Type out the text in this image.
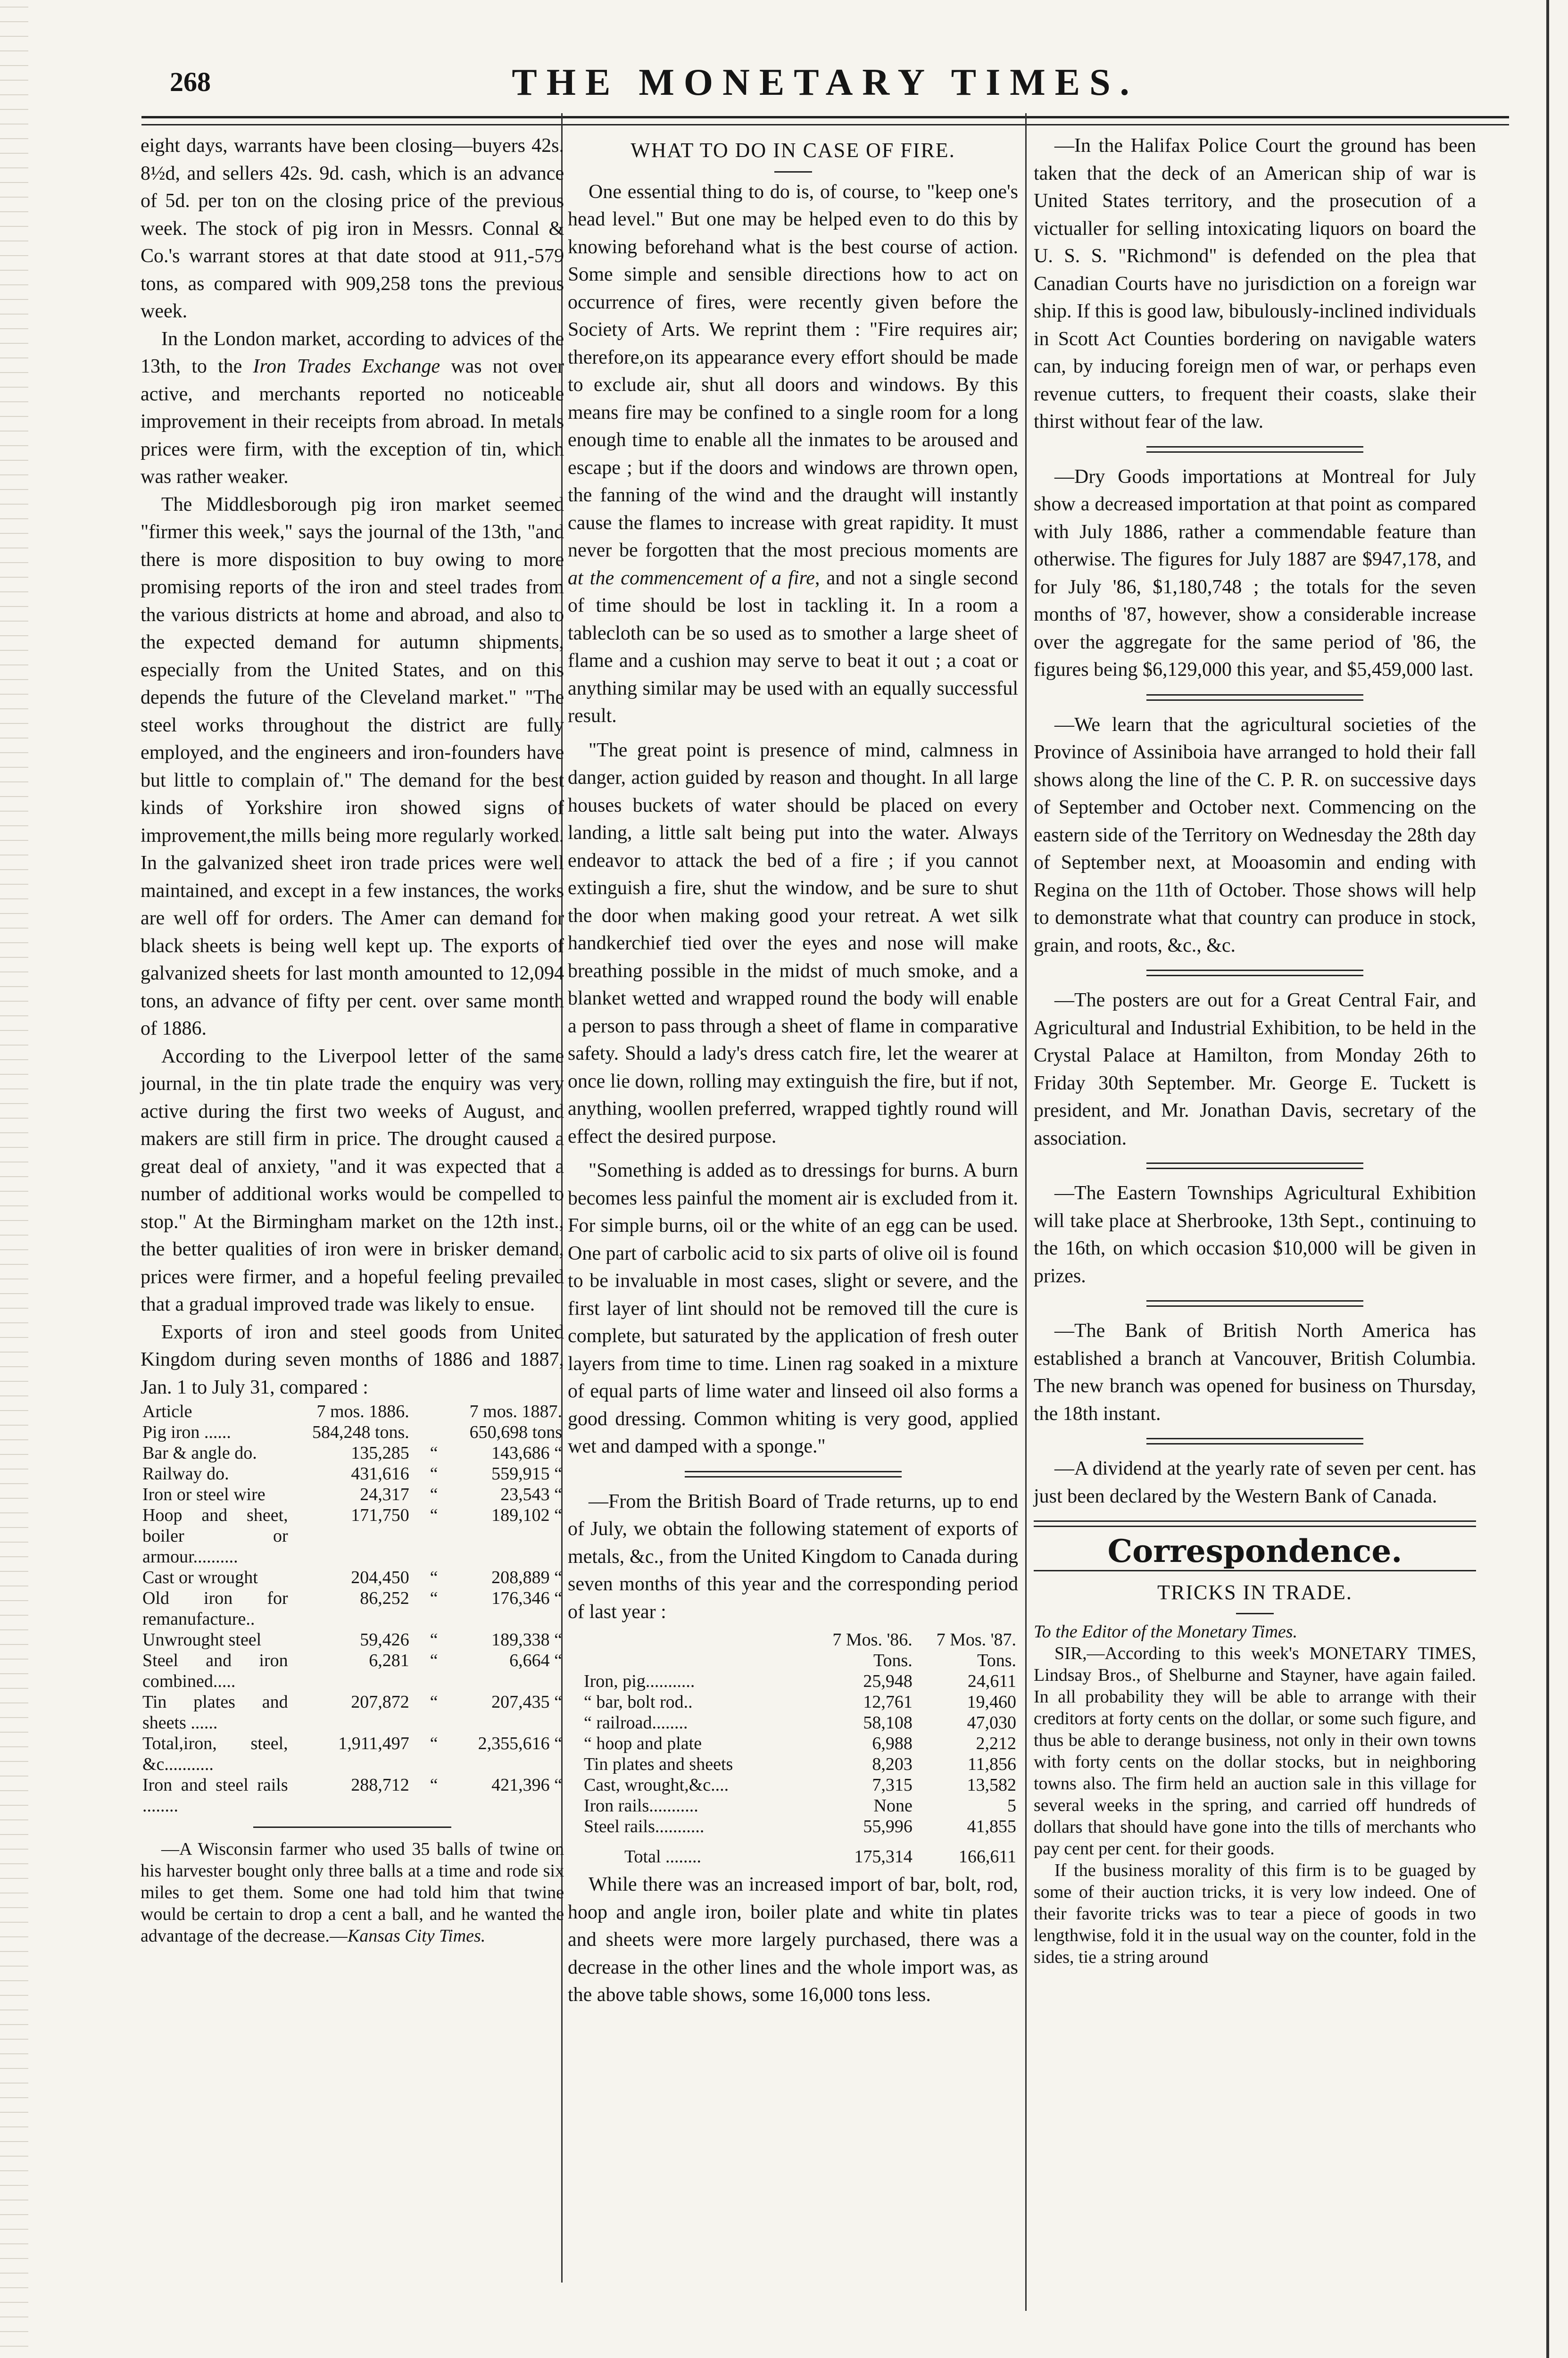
268	THE MONETARY TIMES.

eight days, warrants have been closing—buyers 42s. 8½d, and sellers 42s. 9d. cash, which is an advance of 5d. per ton on the closing price of the previous week. The stock of pig iron in Messrs. Connal & Co.'s warrant stores at that date stood at 911,-579 tons, as compared with 909,258 tons the previous week.

In the London market, according to advices of the 13th, to the Iron Trades Exchange was not over active, and merchants reported no noticeable improvement in their receipts from abroad. In metals prices were firm, with the exception of tin, which was rather weaker.

The Middlesborough pig iron market seemed "firmer this week," says the journal of the 13th, "and there is more disposition to buy owing to more promising reports of the iron and steel trades from the various districts at home and abroad, and also to the expected demand for autumn shipments, especially from the United States, and on this depends the future of the Cleveland market." "The steel works throughout the district are fully employed, and the engineers and iron-founders have but little to complain of." The demand for the best kinds of Yorkshire iron showed signs of improvement,the mills being more regularly worked. In the galvanized sheet iron trade prices were well maintained, and except in a few instances, the works are well off for orders. The Amer can demand for black sheets is being well kept up. The exports of galvanized sheets for last month amounted to 12,094 tons, an advance of fifty per cent. over same month of 1886.

According to the Liverpool letter of the same journal, in the tin plate trade the enquiry was very active during the first two weeks of August, and makers are still firm in price. The drought caused a great deal of anxiety, "and it was expected that a number of additional works would be compelled to stop." At the Birmingham market on the 12th inst., the better qualities of iron were in brisker demand, prices were firmer, and a hopeful feeling prevailed that a gradual improved trade was likely to ensue.

Exports of iron and steel goods from United Kingdom during seven months of 1886 and 1887, Jan. 1 to July 31, compared :

Article	7 mos. 1886.		7 mos. 1887.
Pig iron ......	584,248 tons.		650,698 tons
Bar & angle do.	135,285	“	143,686 “
Railway do.	431,616	“	559,915 “
Iron or steel wire	24,317	“	23,543 “
Hoop and sheet, boiler or armour..........	171,750	“	189,102 “
Cast or wrought	204,450	“	208,889 “
Old iron for remanufacture..	86,252	“	176,346 “
Unwrought steel	59,426	“	189,338 “
Steel and iron combined.....	6,281	“	6,664 “
Tin plates and sheets ......	207,872	“	207,435 “
Total,iron, steel, &c...........	1,911,497	“	2,355,616 “
Iron and steel rails ........	288,712	“	421,396 “

—A Wisconsin farmer who used 35 balls of twine on his harvester bought only three balls at a time and rode six miles to get them. Some one had told him that twine would be certain to drop a cent a ball, and he wanted the advantage of the decrease.—Kansas City Times.

WHAT TO DO IN CASE OF FIRE.

One essential thing to do is, of course, to "keep one's head level." But one may be helped even to do this by knowing beforehand what is the best course of action. Some simple and sensible directions how to act on occurrence of fires, were recently given before the Society of Arts. We reprint them : "Fire requires air; therefore,on its appearance every effort should be made to exclude air, shut all doors and windows. By this means fire may be confined to a single room for a long enough time to enable all the inmates to be aroused and escape ; but if the doors and windows are thrown open, the fanning of the wind and the draught will instantly cause the flames to increase with great rapidity. It must never be forgotten that the most precious moments are at the commencement of a fire, and not a single second of time should be lost in tackling it. In a room a tablecloth can be so used as to smother a large sheet of flame and a cushion may serve to beat it out ; a coat or anything similar may be used with an equally successful result.

"The great point is presence of mind, calmness in danger, action guided by reason and thought. In all large houses buckets of water should be placed on every landing, a little salt being put into the water. Always endeavor to attack the bed of a fire ; if you cannot extinguish a fire, shut the window, and be sure to shut the door when making good your retreat. A wet silk handkerchief tied over the eyes and nose will make breathing possible in the midst of much smoke, and a blanket wetted and wrapped round the body will enable a person to pass through a sheet of flame in comparative safety. Should a lady's dress catch fire, let the wearer at once lie down, rolling may extinguish the fire, but if not, anything, woollen preferred, wrapped tightly round will effect the desired purpose.

"Something is added as to dressings for burns. A burn becomes less painful the moment air is excluded from it. For simple burns, oil or the white of an egg can be used. One part of carbolic acid to six parts of olive oil is found to be invaluable in most cases, slight or severe, and the first layer of lint should not be removed till the cure is complete, but saturated by the application of fresh outer layers from time to time. Linen rag soaked in a mixture of equal parts of lime water and linseed oil also forms a good dressing. Common whiting is very good, applied wet and damped with a sponge."

—From the British Board of Trade returns, up to end of July, we obtain the following statement of exports of metals, &c., from the United Kingdom to Canada during seven months of this year and the corresponding period of last year :

	7 Mos. '86.	7 Mos. '87.
	Tons.	Tons.
Iron, pig...........	25,948	24,611
“ bar, bolt rod..	12,761	19,460
“ railroad........	58,108	47,030
“ hoop and plate	6,988	2,212
Tin plates and sheets	8,203	11,856
Cast, wrought,&c....	7,315	13,582
Iron rails...........	None	5
Steel rails...........	55,996	41,855
Total ........	175,314	166,611

While there was an increased import of bar, bolt, rod, hoop and angle iron, boiler plate and white tin plates and sheets were more largely purchased, there was a decrease in the other lines and the whole import was, as the above table shows, some 16,000 tons less.

—In the Halifax Police Court the ground has been taken that the deck of an American ship of war is United States territory, and the prosecution of a victualler for selling intoxicating liquors on board the U. S. S. "Richmond" is defended on the plea that Canadian Courts have no jurisdiction on a foreign war ship. If this is good law, bibulously-inclined individuals in Scott Act Counties bordering on navigable waters can, by inducing foreign men of war, or perhaps even revenue cutters, to frequent their coasts, slake their thirst without fear of the law.

—Dry Goods importations at Montreal for July show a decreased importation at that point as compared with July 1886, rather a commendable feature than otherwise. The figures for July 1887 are $947,178, and for July '86, $1,180,748 ; the totals for the seven months of '87, however, show a considerable increase over the aggregate for the same period of '86, the figures being $6,129,000 this year, and $5,459,000 last.

—We learn that the agricultural societies of the Province of Assiniboia have arranged to hold their fall shows along the line of the C. P. R. on successive days of September and October next. Commencing on the eastern side of the Territory on Wednesday the 28th day of September next, at Mooasomin and ending with Regina on the 11th of October. Those shows will help to demonstrate what that country can produce in stock, grain, and roots, &c., &c.

—The posters are out for a Great Central Fair, and Agricultural and Industrial Exhibition, to be held in the Crystal Palace at Hamilton, from Monday 26th to Friday 30th September. Mr. George E. Tuckett is president, and Mr. Jonathan Davis, secretary of the association.

—The Eastern Townships Agricultural Exhibition will take place at Sherbrooke, 13th Sept., continuing to the 16th, on which occasion $10,000 will be given in prizes.

—The Bank of British North America has established a branch at Vancouver, British Columbia. The new branch was opened for business on Thursday, the 18th instant.

—A dividend at the yearly rate of seven per cent. has just been declared by the Western Bank of Canada.

Correspondence.
TRICKS IN TRADE.

To the Editor of the Monetary Times.

SIR,—According to this week's MONETARY TIMES, Lindsay Bros., of Shelburne and Stayner, have again failed. In all probability they will be able to arrange with their creditors at forty cents on the dollar, or some such figure, and thus be able to derange business, not only in their own towns with forty cents on the dollar stocks, but in neighboring towns also. The firm held an auction sale in this village for several weeks in the spring, and carried off hundreds of dollars that should have gone into the tills of merchants who pay cent per cent. for their goods.

If the business morality of this firm is to be guaged by some of their auction tricks, it is very low indeed. One of their favorite tricks was to tear a piece of goods in two lengthwise, fold it in the usual way on the counter, fold in the sides, tie a string around
